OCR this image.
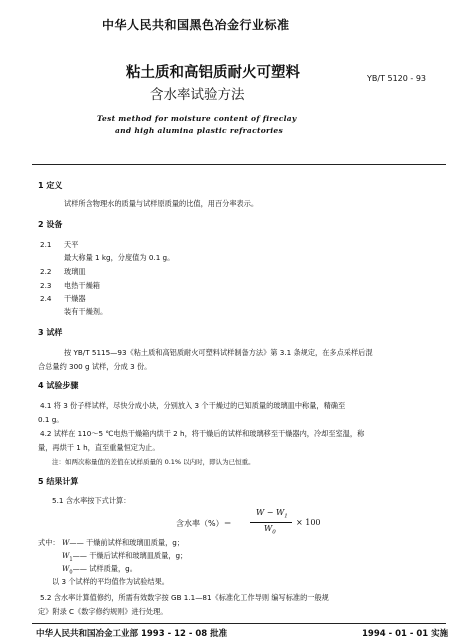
中华人民共和国黑色冶金行业标准
粘土质和高铝质耐火可塑料	YB/T 5120 - 93
含水率试验方法
Test method for moisture content of fireclay
and high alumina plastic refractories
1 定义
试样所含物理水的质量与试样原质量的比值，用百分率表示。
2 设备
2.1 天平
最大称量 1 kg，分度值为 0.1 g。
2.2 玻璃皿
2.3 电热干燥箱
2.4 干燥器
装有干燥剂。
3 试样
按 YB/T 5115—93《粘土质和高铝质耐火可塑料试样制备方法》第 3.1 条规定，在多点采样后混
合总量约 300 g 试样，分成 3 份。
4 试验步骤
4.1 将 3 份子样试样，尽快分成小块，分别放入 3 个干燥过的已知质量的玻璃皿中称量，精确至
0.1 g。
4.2 试样在 110～5 ℃电热干燥箱内烘干 2 h，将干燥后的试样和玻璃移至干燥器内，冷却至室温，称
量，再烘干 1 h，直至重量恒定为止。
注：如两次称量值的差值在试样质量的 0.1% 以内时，即认为已恒重。
5 结果计算
5.1 含水率按下式计算：
含水率（%）＝
$W - W_1$
$W_0$
× 100
式中： W—— 干燥前试样和玻璃皿质量，g；
$W_1——$ 干燥后试样和玻璃皿质量，g；
$W_0——$ 试样质量，g。
以 3 个试样的平均值作为试验结果。
5.2 含水率计算值修约，所需有效数字按 GB 1.1—81《标准化工作导则 编写标准的一般规
定》附录 C《数字修约规则》进行处理。
中华人民共和国冶金工业部 1993 - 12 - 08 批准	1994 - 01 - 01 实施
